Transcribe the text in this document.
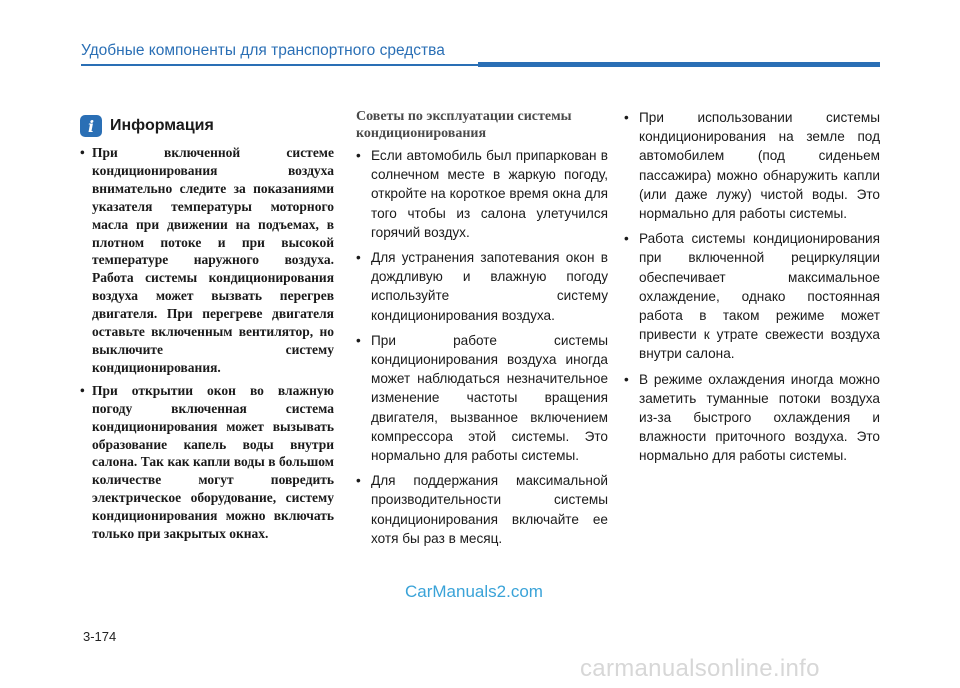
Удобные компоненты для транспортного средства
i Информация
•
При включенной системе кондиционирования воздуха внимательно следите за показаниями указателя температуры моторного масла при движении на подъемах, в плотном потоке и при высокой температуре наружного воздуха. Работа системы кондиционирования воздуха может вызвать перегрев двигателя. При перегреве двигателя оставьте включенным вентилятор, но выключите систему кондиционирования.
•
При открытии окон во влажную погоду включенная система кондиционирования может вызывать образование капель воды внутри салона. Так как капли воды в большом количестве могут повредить электрическое оборудование, систему кондиционирования можно включать только при закрытых окнах.
Советы по эксплуатации системы кондиционирования
•
Если автомобиль был припаркован в солнечном месте в жаркую погоду, откройте на короткое время окна для того чтобы из салона улетучился горячий воздух.
•
Для устранения запотевания окон в дождливую и влажную погоду используйте систему кондиционирования воздуха.
•
При работе системы кондиционирования воздуха иногда может наблюдаться незначительное изменение частоты вращения двигателя, вызванное включением компрессора этой системы. Это нормально для работы системы.
•
Для поддержания максимальной производительности системы кондиционирования включайте ее хотя бы раз в месяц.
•
При использовании системы кондиционирования на земле под автомобилем (под сиденьем пассажира) можно обнаружить капли (или даже лужу) чистой воды. Это нормально для работы системы.
•
Работа системы кондиционирования при включенной рециркуляции обеспечивает максимальное охлаждение, однако постоянная работа в таком режиме может привести к утрате свежести воздуха внутри салона.
•
В режиме охлаждения иногда можно заметить туманные потоки воздуха из-за быстрого охлаждения и влажности приточного воздуха. Это нормально для работы системы.
CarManuals2.com
3-174
carmanualsonline.info
